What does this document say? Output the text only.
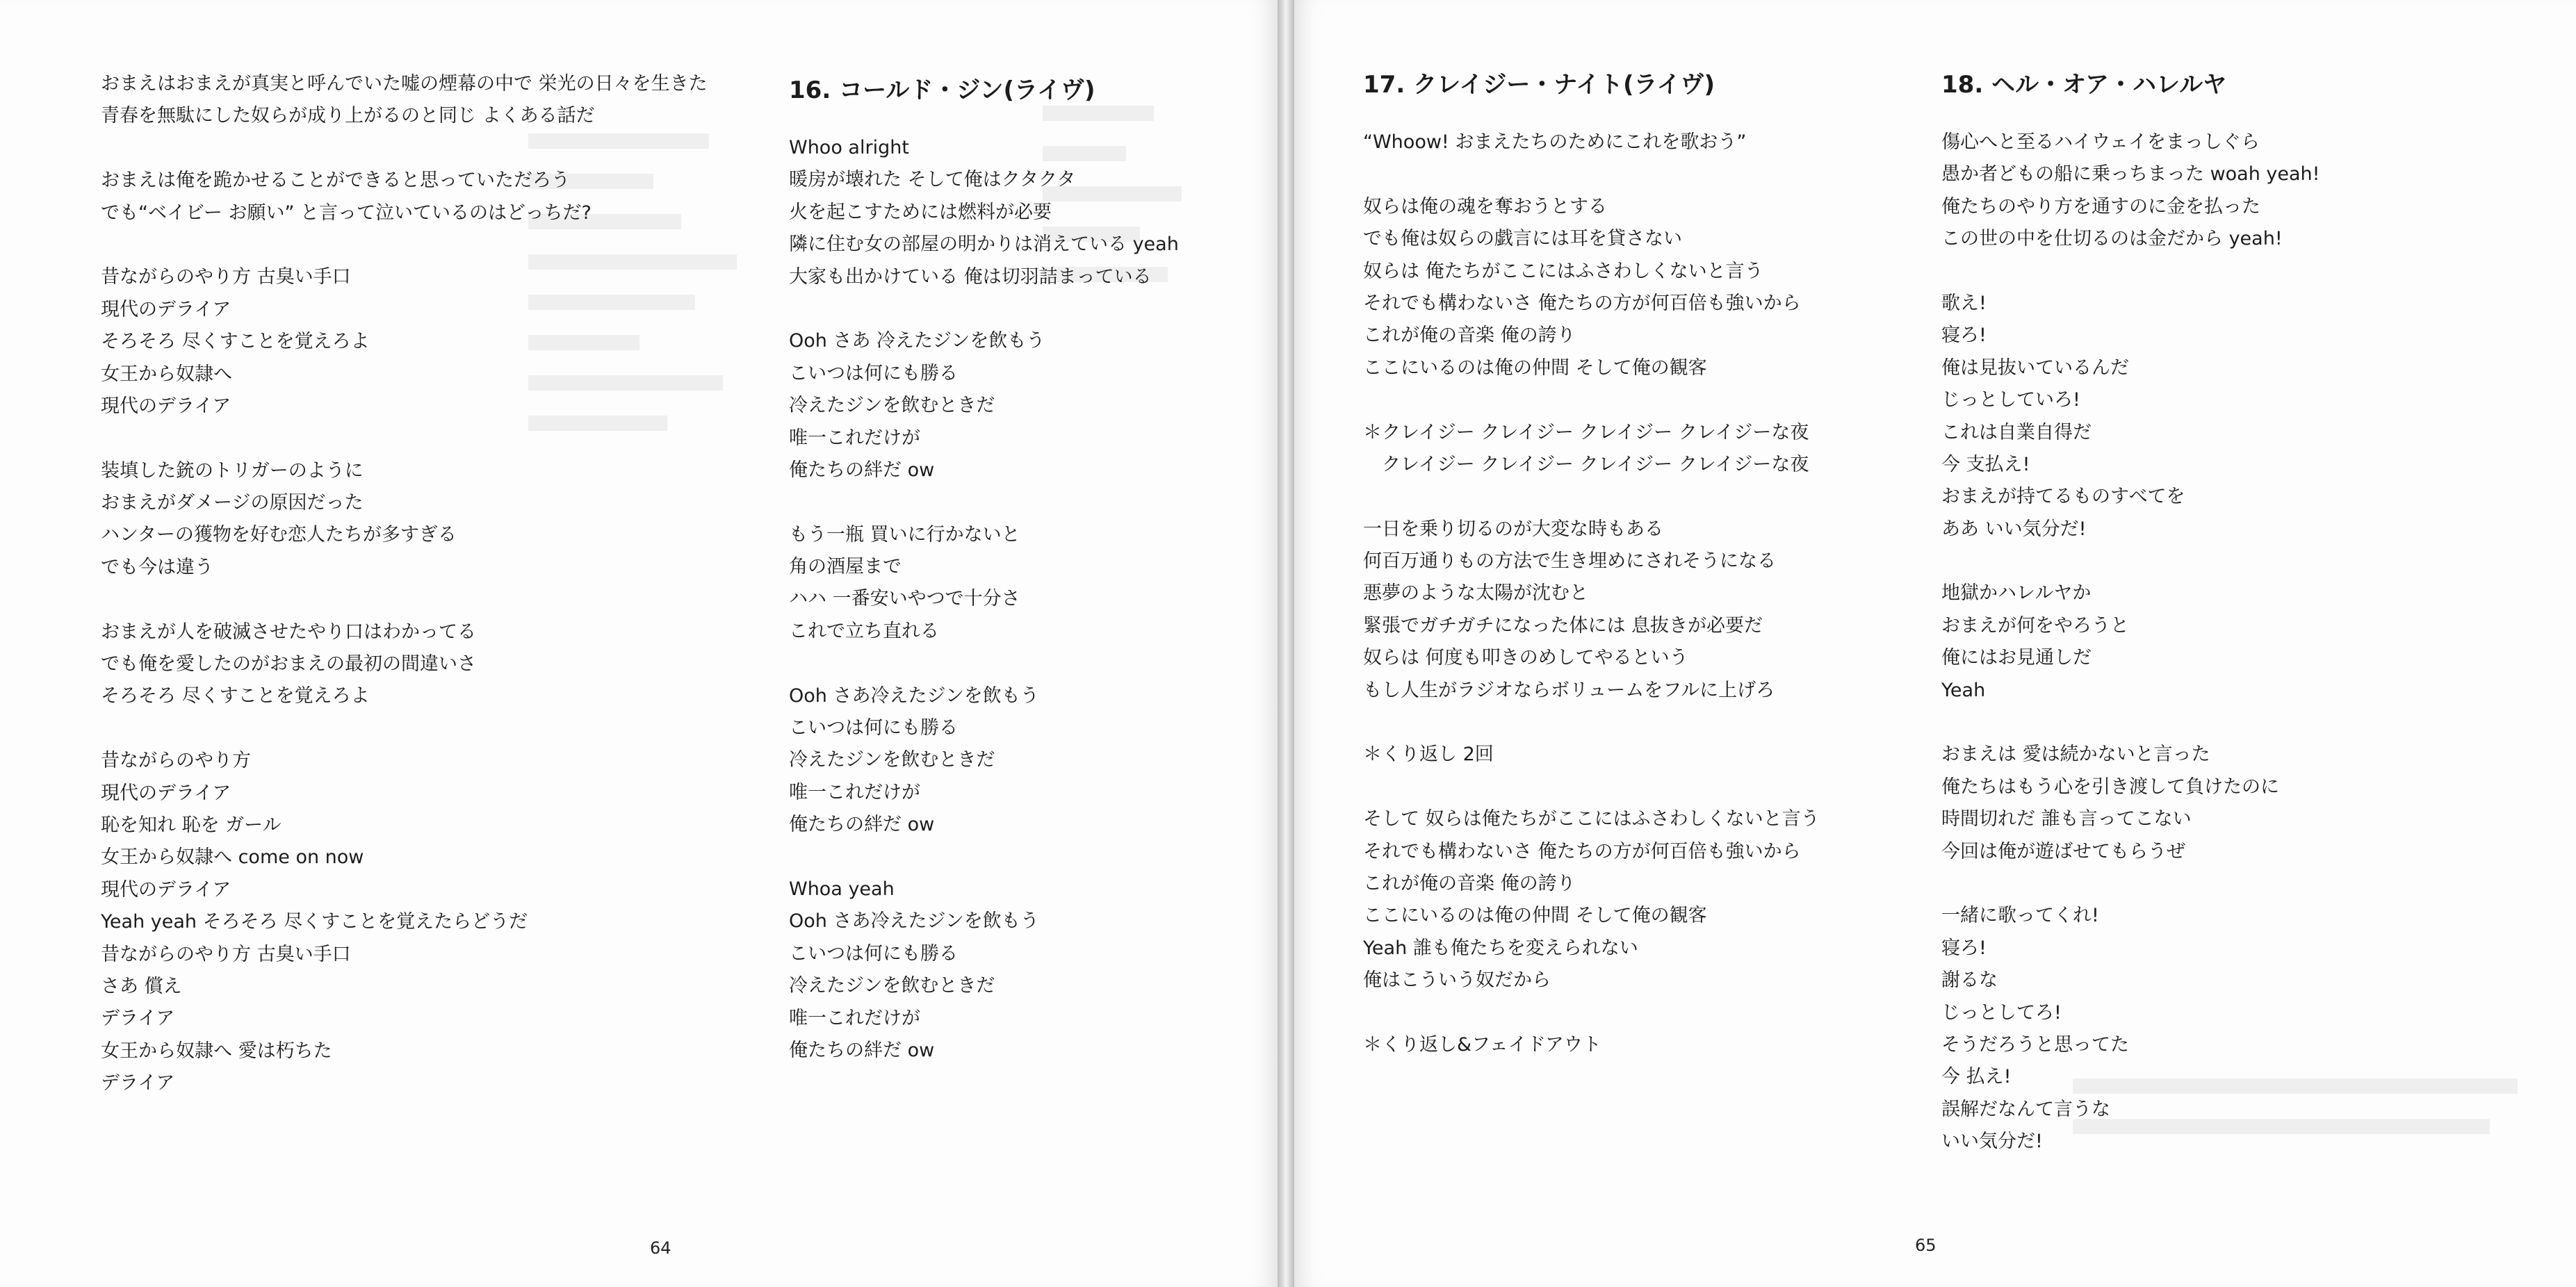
おまえはおまえが真実と呼んでいた嘘の煙幕の中で 栄光の日々を生きた
青春を無駄にした奴らが成り上がるのと同じ よくある話だ
おまえは俺を跪かせることができると思っていただろう
でも“ベイビー お願い” と言って泣いているのはどっちだ?
昔ながらのやり方 古臭い手口
現代のデライア
そろそろ 尽くすことを覚えろよ
女王から奴隷へ
現代のデライア
装填した銃のトリガーのように
おまえがダメージの原因だった
ハンターの獲物を好む恋人たちが多すぎる
でも今は違う
おまえが人を破滅させたやり口はわかってる
でも俺を愛したのがおまえの最初の間違いさ
そろそろ 尽くすことを覚えろよ
昔ながらのやり方
現代のデライア
恥を知れ 恥を ガール
女王から奴隷へ come on now
現代のデライア
Yeah yeah そろそろ 尽くすことを覚えたらどうだ
昔ながらのやり方 古臭い手口
さあ 償え
デライア
女王から奴隷へ 愛は朽ちた
デライア
16. コールド・ジン(ライヴ)
Whoo alright
暖房が壊れた そして俺はクタクタ
火を起こすためには燃料が必要
隣に住む女の部屋の明かりは消えている yeah
大家も出かけている 俺は切羽詰まっている
Ooh さあ 冷えたジンを飲もう
こいつは何にも勝る
冷えたジンを飲むときだ
唯一これだけが
俺たちの絆だ ow
もう一瓶 買いに行かないと
角の酒屋まで
ハハ 一番安いやつで十分さ
これで立ち直れる
Ooh さあ冷えたジンを飲もう
こいつは何にも勝る
冷えたジンを飲むときだ
唯一これだけが
俺たちの絆だ ow
Whoa yeah
Ooh さあ冷えたジンを飲もう
こいつは何にも勝る
冷えたジンを飲むときだ
唯一これだけが
俺たちの絆だ ow
64
17. クレイジー・ナイト(ライヴ)
“Whoow! おまえたちのためにこれを歌おう”
奴らは俺の魂を奪おうとする
でも俺は奴らの戯言には耳を貸さない
奴らは 俺たちがここにはふさわしくないと言う
それでも構わないさ 俺たちの方が何百倍も強いから
これが俺の音楽 俺の誇り
ここにいるのは俺の仲間 そして俺の観客
＊クレイジー クレイジー クレイジー クレイジーな夜
　クレイジー クレイジー クレイジー クレイジーな夜
一日を乗り切るのが大変な時もある
何百万通りもの方法で生き埋めにされそうになる
悪夢のような太陽が沈むと
緊張でガチガチになった体には 息抜きが必要だ
奴らは 何度も叩きのめしてやるという
もし人生がラジオならボリュームをフルに上げろ
＊くり返し 2回
そして 奴らは俺たちがここにはふさわしくないと言う
それでも構わないさ 俺たちの方が何百倍も強いから
これが俺の音楽 俺の誇り
ここにいるのは俺の仲間 そして俺の観客
Yeah 誰も俺たちを変えられない
俺はこういう奴だから
＊くり返し&フェイドアウト
18. ヘル・オア・ハレルヤ
傷心へと至るハイウェイをまっしぐら
愚か者どもの船に乗っちまった woah yeah!
俺たちのやり方を通すのに金を払った
この世の中を仕切るのは金だから yeah!
歌え!
寝ろ!
俺は見抜いているんだ
じっとしていろ!
これは自業自得だ
今 支払え!
おまえが持てるものすべてを
ああ いい気分だ!
地獄かハレルヤか
おまえが何をやろうと
俺にはお見通しだ
Yeah
おまえは 愛は続かないと言った
俺たちはもう心を引き渡して負けたのに
時間切れだ 誰も言ってこない
今回は俺が遊ばせてもらうぜ
一緒に歌ってくれ!
寝ろ!
謝るな
じっとしてろ!
そうだろうと思ってた
今 払え!
誤解だなんて言うな
いい気分だ!
65
